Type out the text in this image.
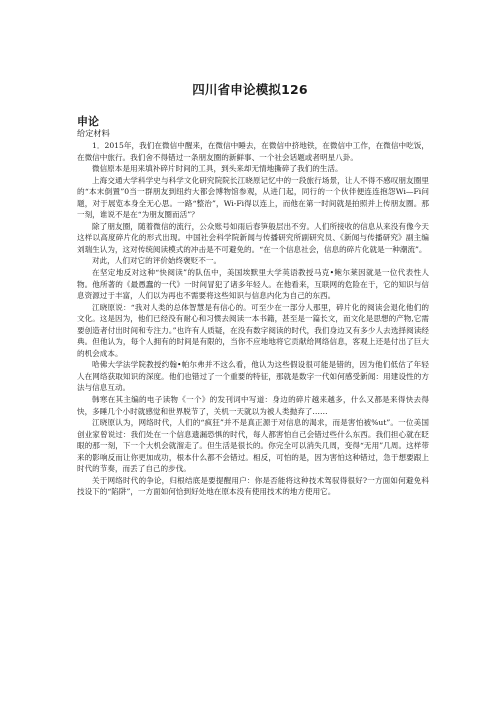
四川省申论模拟126
申论
给定材料

1．2015年，我们在微信中醒来，在微信中睡去，在微信中挤地铁，在微信中工作，在微信中吃饭，在微信中旅行。我们舍不得错过一条朋友圈的新鲜事、一个社会话题或者明星八卦。

微信原本是用来填补碎片时间的工具，到头来却无情地撕碎了我们的生活。

上海交通大学科学史与科学文化研究院院长江晓原记忆中的一段旅行场景，让人不得不感叹朋友圈里的“本末倒置”0当一群朋友到纽约大都会博物馆参观，从进门起，同行的一个伙伴便连连抱怨Wi—Fi问题，对于展览本身全无心思。一路“整治”，Wi-Fi得以连上，而他在第一时间就是拍照并上传朋友圈。那一刻，谁说不是在“为朋友圈而活”？

除了朋友圈，随着微信的流行，公众账号如雨后春笋般层出不穷。人们所接收的信息从来没有像今天这样以高度碎片化的形式出现。中国社会科学院新闻与传播研究所副研究员、《新闻与传播研究》副主编刘瑞生认为，这对传统阅读模式的冲击是不可避免的。“在一个信息社会，信息的碎片化就是一种潮流”。

对此，人们对它的评价始终褒贬不一。

在坚定地反对这种“快阅读”的队伍中，美国埃默里大学英语教授马克•鲍尔莱因就是一位代表性人物。他所著的《最愚蠢的一代》一时间冒犯了诸多年轻人。在他看来，互联网的危险在于，它的知识与信息资源过于丰富，人们以为再也不需要将这些知识与信息内化为自己的东西。

江晓原说：“我对人类的总体智慧是有信心的。可至少在一部分人那里，碎片化的阅读会退化他们的文化。这是因为，他们已经没有耐心和习惯去阅读一本书籍，甚至是一篇长文，而文化是思想的产物,它需要创造者付出时间和专注力。”也许有人质疑，在没有数字阅读的时代，我们身边又有多少人去选择阅读经典。但他认为，每个人拥有的时间是有限的，当你不应地地将它贡献给网络信息，客观上还是付出了巨大的机会成本。

哈佛大学法学院教授约翰•帕尔弗并不这么看，他认为这些假设很可能是错的，因为他们低估了年轻人在网络获取知识的深度。他们也错过了一个重要的特征，那就是数字一代如何感受新闻：用建设性的方法与信息互动。

韩寒在其主编的电子读物《一个》的发刊词中写道：身边的碎片越来越多，什么又都是来得快去得快，多睡几个小时就感觉和世界脱节了，关机一天就以为被人类抛弃了……

江晓原认为，网络时代，人们的“疯狂”并不是真正源于对信息的渴求，而是害怕被%ut”。一位美国创业家曾说过：我们处在一个信息遗漏恐惧的时代，每人都害怕自己会错过些什么东西。我们担心就在眨眼的那一刻，下一个大机会就溜走了。但生活是很长的。你完全可以消失几周，变得“无用”几周。这样带来的影响反而让你更加成功，根本什么都不会错过。相反，可怕的是，因为害怕这种错过，急于想要跟上时代的节奏，而丢了自己的步伐。

关于网络时代的争论，归根结底是要提醒用户：你是否能将这种技术驾驭得很好?一方面如何避免科技设下的“陷阱”，一方面如何恰到好处地在原本没有使用技术的地方使用它。
